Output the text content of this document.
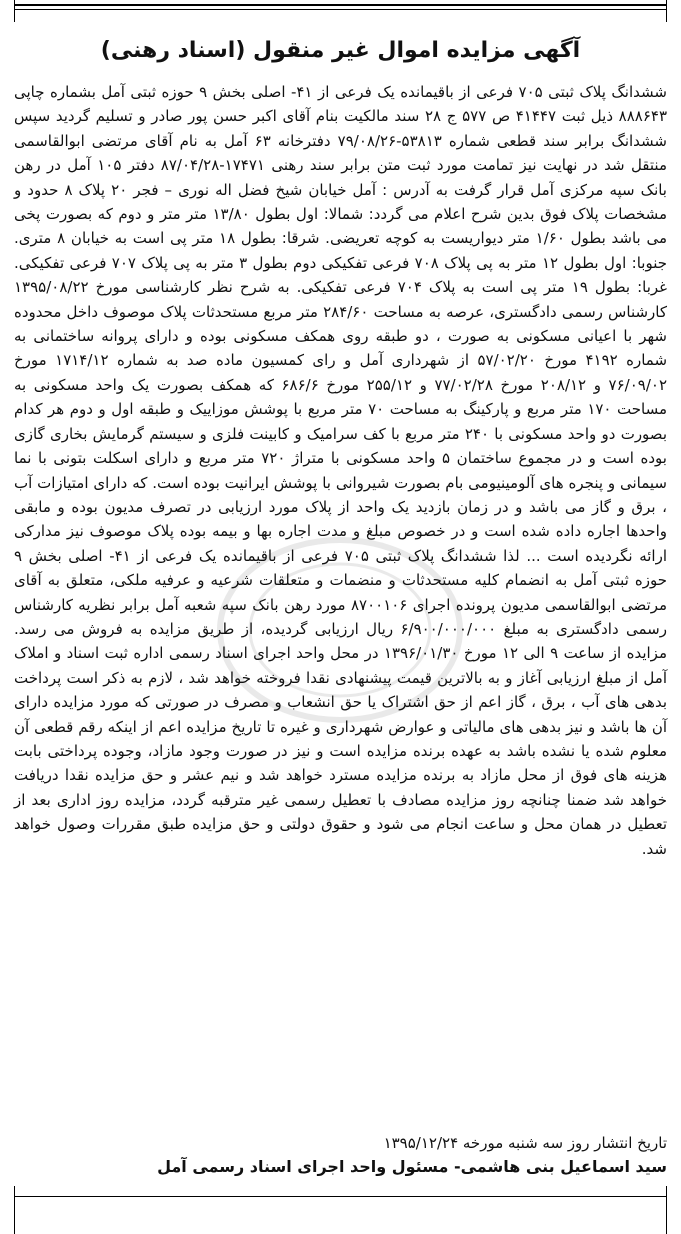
آگهی مزایده اموال غیر منقول (اسناد رهنی)

ششدانگ پلاک ثبتی ۷۰۵ فرعی از باقیمانده یک فرعی از ۴۱- اصلی بخش ۹ حوزه ثبتی آمل بشماره چاپی ۸۸۸۶۴۳ ذیل ثبت ۴۱۴۴۷ ص ۵۷۷ ج ۲۸ سند مالکیت بنام آقای اکبر حسن پور صادر و تسلیم گردید سپس ششدانگ برابر سند قطعی شماره ۵۳۸۱۳-۷۹/۰۸/۲۶ دفترخانه ۶۳ آمل به نام آقای مرتضی ابوالقاسمی منتقل شد در نهایت نیز تمامت مورد ثبت متن برابر سند رهنی ۱۷۴۷۱-۸۷/۰۴/۲۸ دفتر ۱۰۵ آمل در رهن بانک سپه مرکزی آمل قرار گرفت به آدرس : آمل خیابان شیخ فضل اله نوری – فجر ۲۰ پلاک ۸ حدود و مشخصات پلاک فوق بدین شرح اعلام می گردد: شمالا: اول بطول ۱۳/۸۰ متر متر و دوم که بصورت پخی می باشد بطول ۱/۶۰ متر دیواریست به کوچه تعریضی. شرقا: بطول ۱۸ متر پی است به خیابان ۸ متری. جنوبا: اول بطول ۱۲ متر به پی پلاک ۷۰۸ فرعی تفکیکی دوم بطول ۳ متر به پی پلاک ۷۰۷ فرعی تفکیکی. غربا: بطول ۱۹ متر پی است به پلاک ۷۰۴ فرعی تفکیکی. به شرح نظر کارشناسی مورخ ۱۳۹۵/۰۸/۲۲ کارشناس رسمی دادگستری، عرصه به مساحت ۲۸۴/۶۰ متر مربع مستحدثات پلاک موصوف داخل محدوده شهر با اعیانی مسکونی به صورت ، دو طبقه روی همکف مسکونی بوده و دارای پروانه ساختمانی به شماره ۴۱۹۲ مورخ ۵۷/۰۲/۲۰ از شهرداری آمل و رای کمسیون ماده صد به شماره ۱۷۱۴/۱۲ مورخ ۷۶/۰۹/۰۲ و ۲۰۸/۱۲ مورخ ۷۷/۰۲/۲۸ و ۲۵۵/۱۲ مورخ ۶۸۶/۶ که همکف بصورت یک واحد مسکونی به مساحت ۱۷۰ متر مربع و پارکینگ به مساحت ۷۰ متر مربع با پوشش موزاییک و طبقه اول و دوم هر کدام بصورت دو واحد مسکونی با ۲۴۰ متر مربع با کف سرامیک و کابینت فلزی و سیستم گرمایش بخاری گازی بوده است و در مجموع ساختمان ۵ واحد مسکونی با متراژ ۷۲۰ متر مربع و دارای اسکلت بتونی با نما سیمانی و پنجره های آلومینیومی بام بصورت شیروانی با پوشش ایرانیت بوده است. که دارای امتیازات آب ، برق و گاز می باشد و در زمان بازدید یک واحد از پلاک مورد ارزیابی در تصرف مدیون بوده و مابقی واحدها اجاره داده شده است و در خصوص مبلغ و مدت اجاره بها و بیمه بوده پلاک موصوف نیز مدارکی ارائه نگردیده است ... لذا ششدانگ پلاک ثبتی ۷۰۵ فرعی از باقیمانده یک فرعی از ۴۱- اصلی بخش ۹ حوزه ثبتی آمل به انضمام کلیه مستحدثات و منضمات و متعلقات شرعیه و عرفیه ملکی، متعلق به آقای مرتضی ابوالقاسمی مدیون پرونده اجرای ۸۷۰۰۱۰۶ مورد رهن بانک سپه شعبه آمل برابر نظریه کارشناس رسمی دادگستری به مبلغ ۶/۹۰۰/۰۰۰/۰۰۰ ریال ارزیابی گردیده، از طریق مزایده به فروش می رسد. مزایده از ساعت ۹ الی ۱۲ مورخ ۱۳۹۶/۰۱/۳۰ در محل واحد اجرای اسناد رسمی اداره ثبت اسناد و املاک آمل از مبلغ ارزیابی آغاز و به بالاترین قیمت پیشنهادی نقدا فروخته خواهد شد ، لازم به ذکر است پرداخت بدهی های آب ، برق ، گاز اعم از حق اشتراک یا حق انشعاب و مصرف در صورتی که مورد مزایده دارای آن ها باشد و نیز بدهی های مالیاتی و عوارض شهرداری و غیره تا تاریخ مزایده اعم از اینکه رقم قطعی آن معلوم شده یا نشده باشد به عهده برنده مزایده است و نیز در صورت وجود مازاد، وجوده پرداختی بابت هزینه های فوق از محل مازاد به برنده مزایده مسترد خواهد شد و نیم عشر و حق مزایده نقدا دریافت خواهد شد ضمنا چنانچه روز مزایده مصادف با تعطیل رسمی غیر مترقبه گردد، مزایده روز اداری بعد از تعطیل در همان محل و ساعت انجام می شود و حقوق دولتی و حق مزایده طبق مقررات وصول خواهد شد.

تاریخ انتشار روز سه شنبه مورخه ۱۳۹۵/۱۲/۲۴
سید اسماعیل بنی هاشمی- مسئول واحد اجرای اسناد رسمی آمل
